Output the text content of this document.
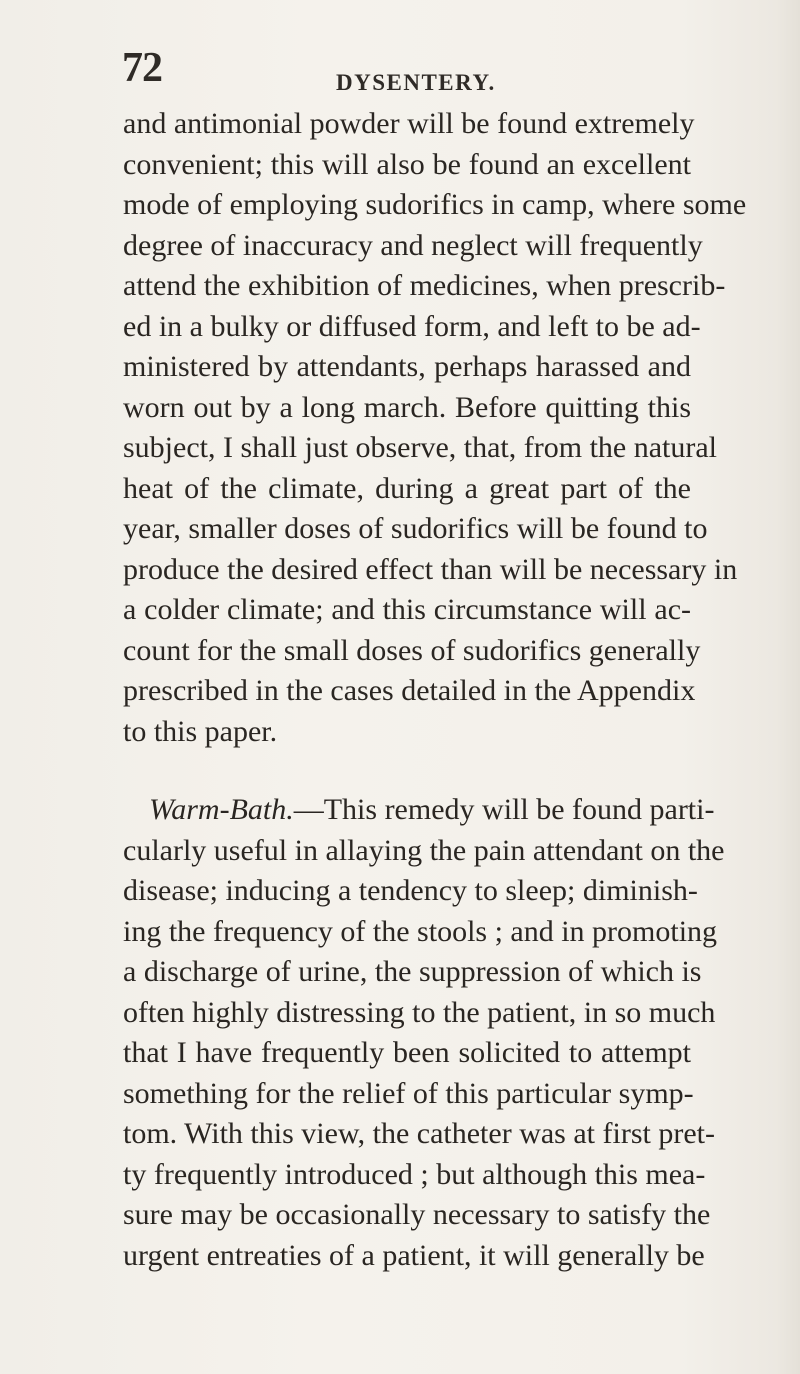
72	DYSENTERY.
and antimonial powder will be found extremely
convenient; this will also be found an excellent
mode of employing sudorifics in camp, where some
degree of inaccuracy and neglect will frequently
attend the exhibition of medicines, when prescrib-
ed in a bulky or diffused form, and left to be ad-
ministered by attendants, perhaps harassed and
worn out by a long march. Before quitting this
subject, I shall just observe, that, from the natural
heat of the climate, during a great part of the
year, smaller doses of sudorifics will be found to
produce the desired effect than will be necessary in
a colder climate; and this circumstance will ac-
count for the small doses of sudorifics generally
prescribed in the cases detailed in the Appendix
to this paper.
Warm-Bath.—This remedy will be found parti-
cularly useful in allaying the pain attendant on the
disease; inducing a tendency to sleep; diminish-
ing the frequency of the stools ; and in promoting
a discharge of urine, the suppression of which is
often highly distressing to the patient, in so much
that I have frequently been solicited to attempt
something for the relief of this particular symp-
tom. With this view, the catheter was at first pret-
ty frequently introduced ; but although this mea-
sure may be occasionally necessary to satisfy the
urgent entreaties of a patient, it will generally be
